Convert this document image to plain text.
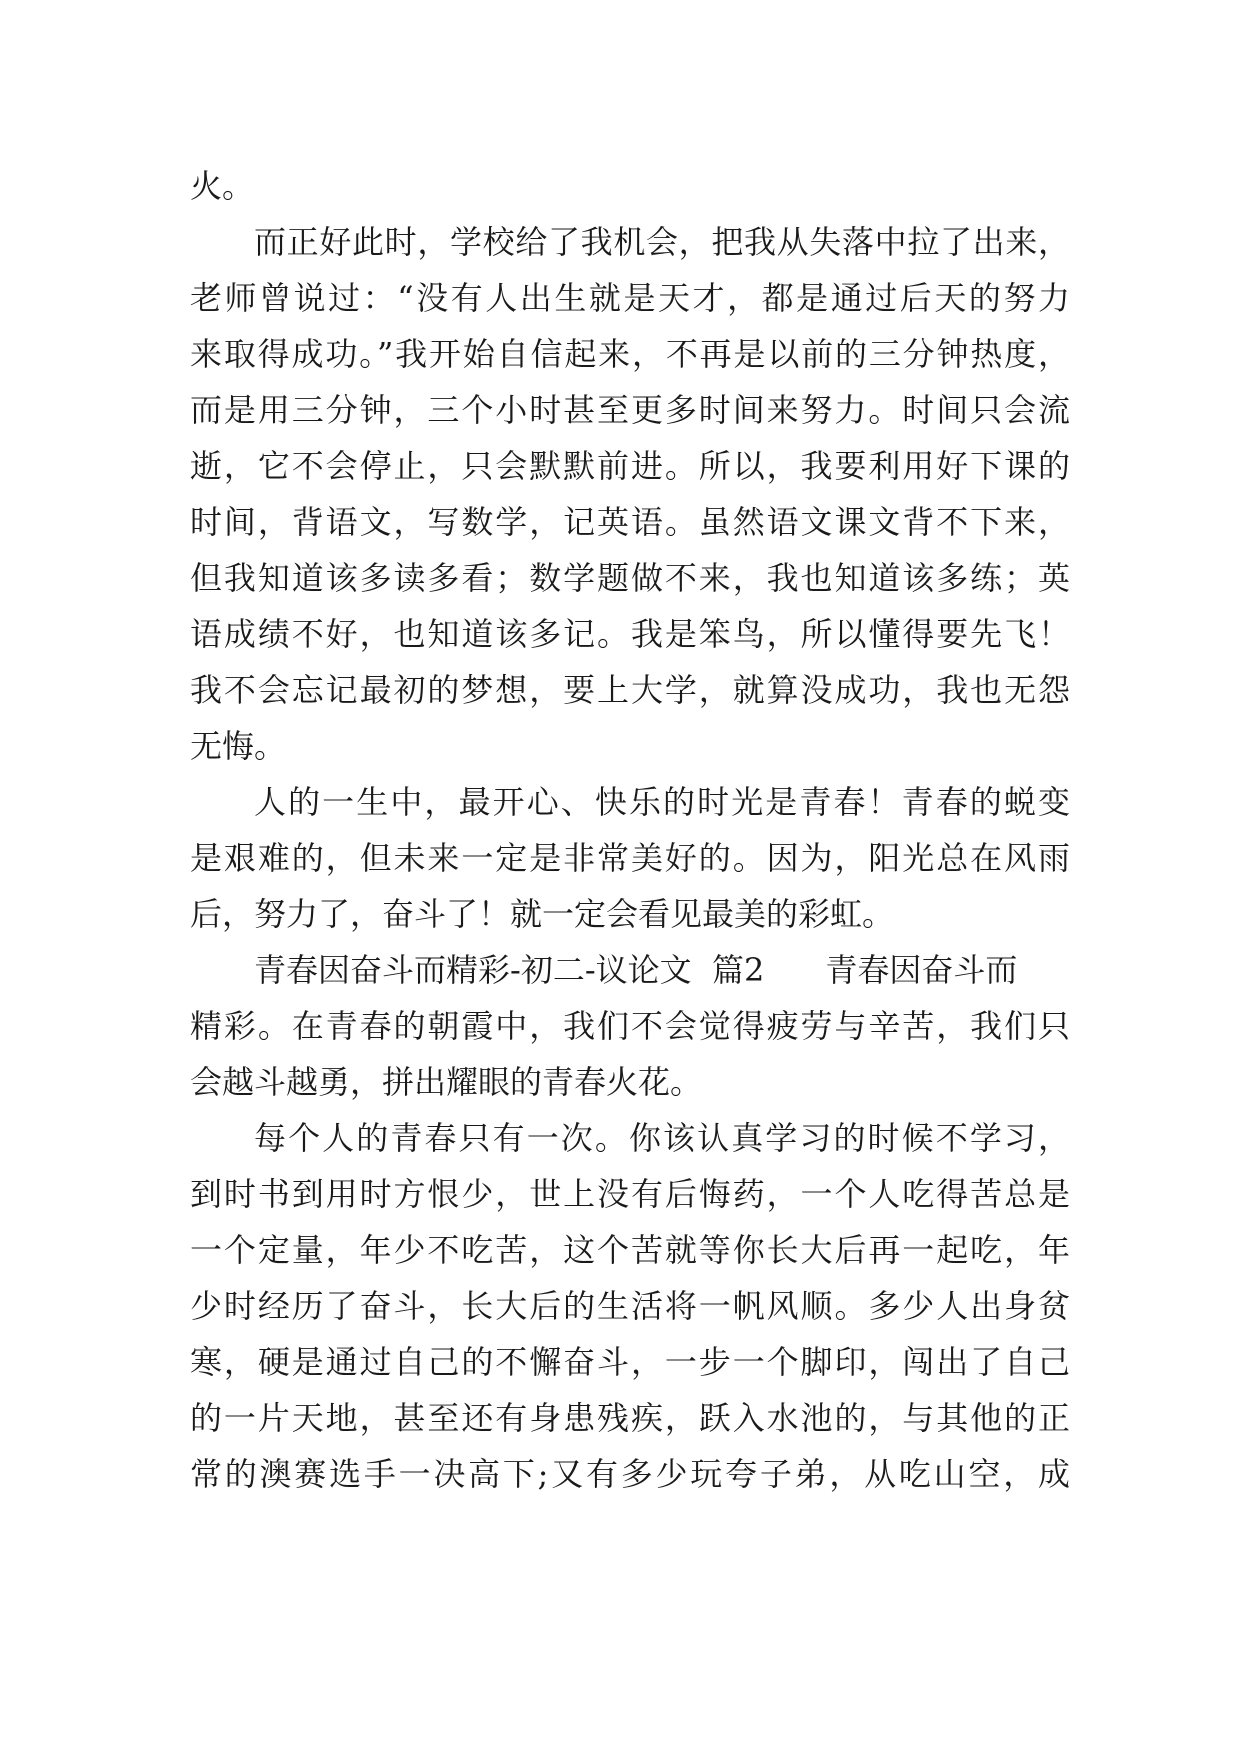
火。
而正好此时，学校给了我机会，把我从失落中拉了出来，
老师曾说过：“没有人出生就是天才，都是通过后天的努力
来取得成功。”我开始自信起来，不再是以前的三分钟热度，
而是用三分钟，三个小时甚至更多时间来努力。时间只会流
逝，它不会停止，只会默默前进。所以，我要利用好下课的
时间，背语文，写数学，记英语。虽然语文课文背不下来，
但我知道该多读多看；数学题做不来，我也知道该多练；英
语成绩不好，也知道该多记。我是笨鸟，所以懂得要先飞！
我不会忘记最初的梦想，要上大学，就算没成功，我也无怨
无悔。
人的一生中，最开心、快乐的时光是青春！青春的蜕变
是艰难的，但未来一定是非常美好的。因为，阳光总在风雨
后，努力了，奋斗了！就一定会看见最美的彩虹。
青春因奋斗而精彩-初二-议论文  篇2      青春因奋斗而
精彩。在青春的朝霞中，我们不会觉得疲劳与辛苦，我们只
会越斗越勇，拼出耀眼的青春火花。
每个人的青春只有一次。你该认真学习的时候不学习，
到时书到用时方恨少，世上没有后悔药，一个人吃得苦总是
一个定量，年少不吃苦，这个苦就等你长大后再一起吃，年
少时经历了奋斗，长大后的生活将一帆风顺。多少人出身贫
寒，硬是通过自己的不懈奋斗，一步一个脚印，闯出了自己
的一片天地，甚至还有身患残疾，跃入水池的，与其他的正
常的澳赛选手一决高下;又有多少玩夸子弟，从吃山空，成
